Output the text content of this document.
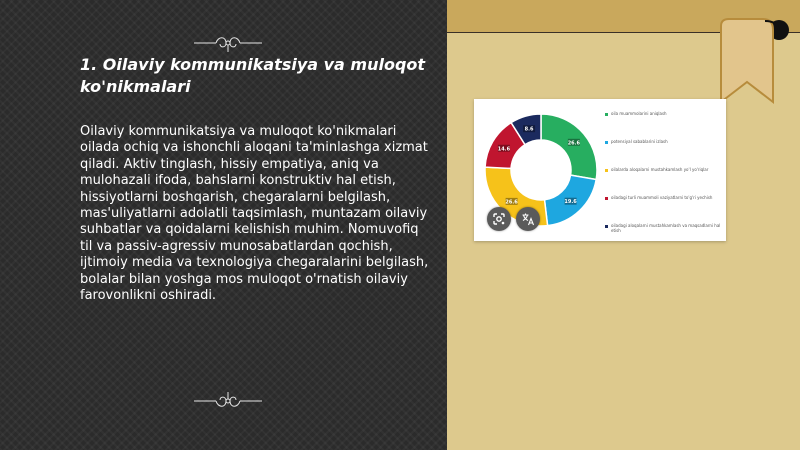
1. Oilaviy kommunikatsiya va muloqot ko'nikmalari
Oilaviy kommunikatsiya va muloqot ko'nikmalari oilada ochiq va ishonchli aloqani ta'minlashga xizmat qiladi. Aktiv tinglash, hissiy empatiya, aniq va mulohazali ifoda, bahslarni konstruktiv hal etish, hissiyotlarni boshqarish, chegaralarni belgilash, mas'uliyatlarni adolatli taqsimlash, muntazam oilaviy suhbatlar va qoidalarni kelishish muhim. Nomuvofiq til va passiv-agressiv munosabatlardan qochish, ijtimoiy media va texnologiya chegaralarini belgilash, bolalar bilan yoshga mos muloqot o'rnatish oilaviy farovonlikni oshiradi.
26.6
19.6
26.6
14.6
8.6
oila muammolarini aniqlash
potensiyal sabablarini izlash
oilalarda aloqalarni mustahkamlash yo'l yo'riqlar
oiladagi turli muammoli vaziyatlarni to'g'ri yechish
oiladagi aloqalarni mustahkamlash va maqsadlarni hal etish
